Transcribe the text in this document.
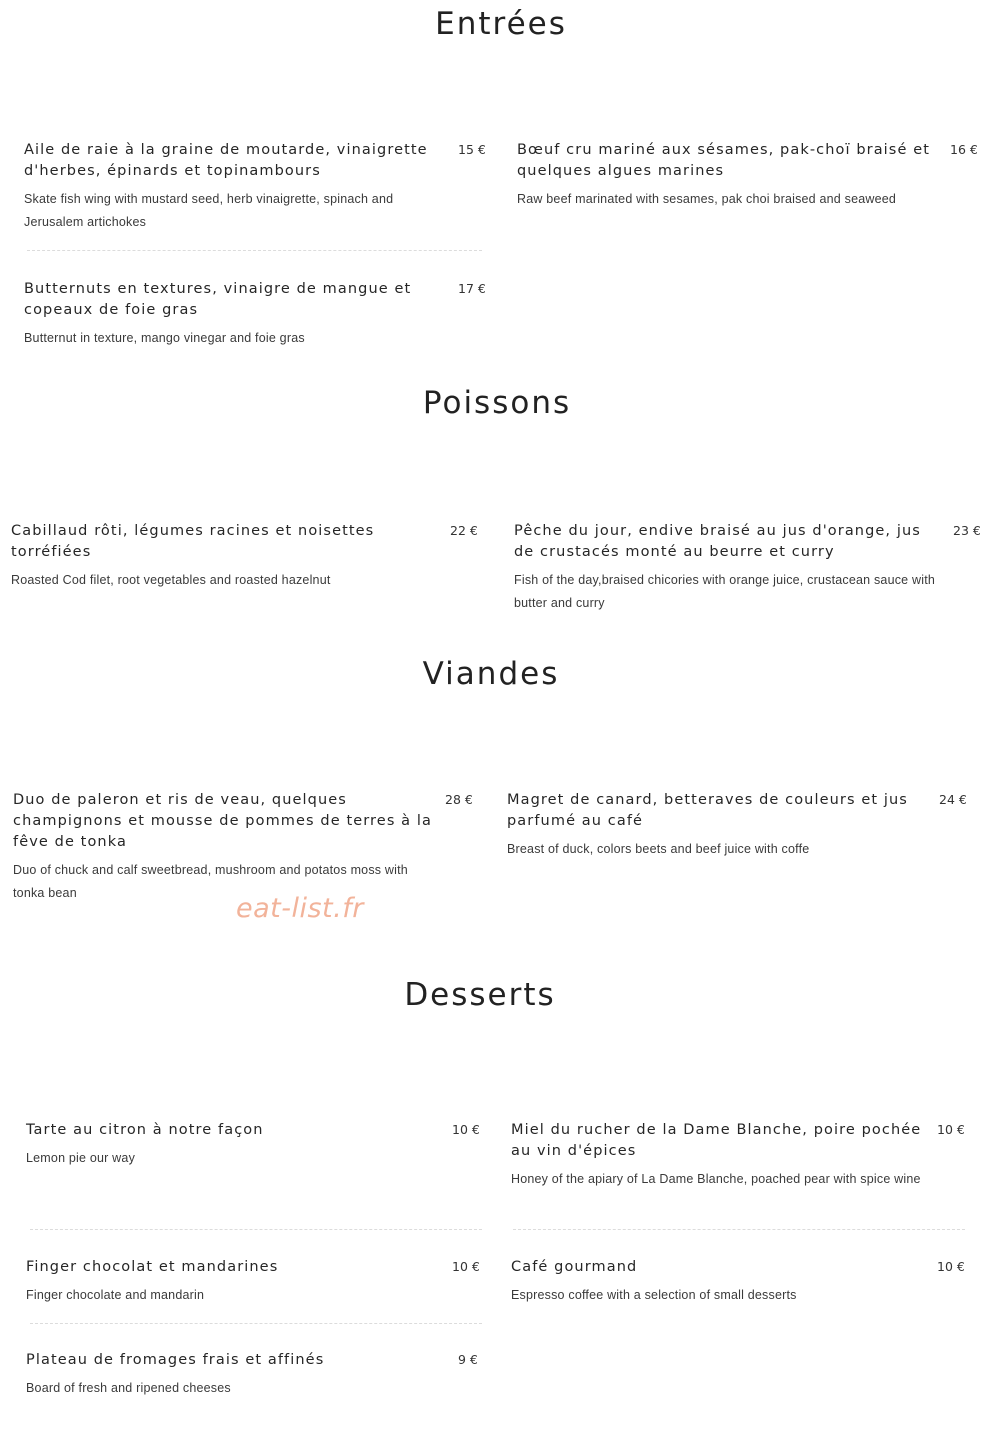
Entrées

Aile de raie à la graine de moutarde, vinaigrette d'herbes, épinards et topinambours

Skate fish wing with mustard seed, herb vinaigrette, spinach and Jerusalem artichokes

15 € Bœuf cru mariné aux sésames, pak-choï braisé et quelques algues marines

Raw beef marinated with sesames, pak choi braised and seaweed

16 €

Butternuts en textures, vinaigre de mangue et copeaux de foie gras

Butternut in texture, mango vinegar and foie gras

17 €
Poissons

Cabillaud rôti, légumes racines et noisettes torréfiées

Roasted Cod filet, root vegetables and roasted hazelnut

22 € Pêche du jour, endive braisé au jus d'orange, jus de crustacés monté au beurre et curry

Fish of the day,braised chicories with orange juice, crustacean sauce with butter and curry

23 €
Viandes

Duo de paleron et ris de veau, quelques champignons et mousse de pommes de terres à la fêve de tonka

Duo of chuck and calf sweetbread, mushroom and potatos moss with tonka bean

28 € Magret de canard, betteraves de couleurs et jus parfumé au café

Breast of duck, colors beets and beef juice with coffe

24 €

eat-list.fr

Desserts

Tarte au citron à notre façon

Lemon pie our way

10 € Miel du rucher de la Dame Blanche, poire pochée au vin d'épices

Honey of the apiary of La Dame Blanche, poached pear with spice wine

10 €

Finger chocolat et mandarines

Finger chocolate and mandarin

10 € Café gourmand

Espresso coffee with a selection of small desserts

10 €

Plateau de fromages frais et affinés

Board of fresh and ripened cheeses

9 €
